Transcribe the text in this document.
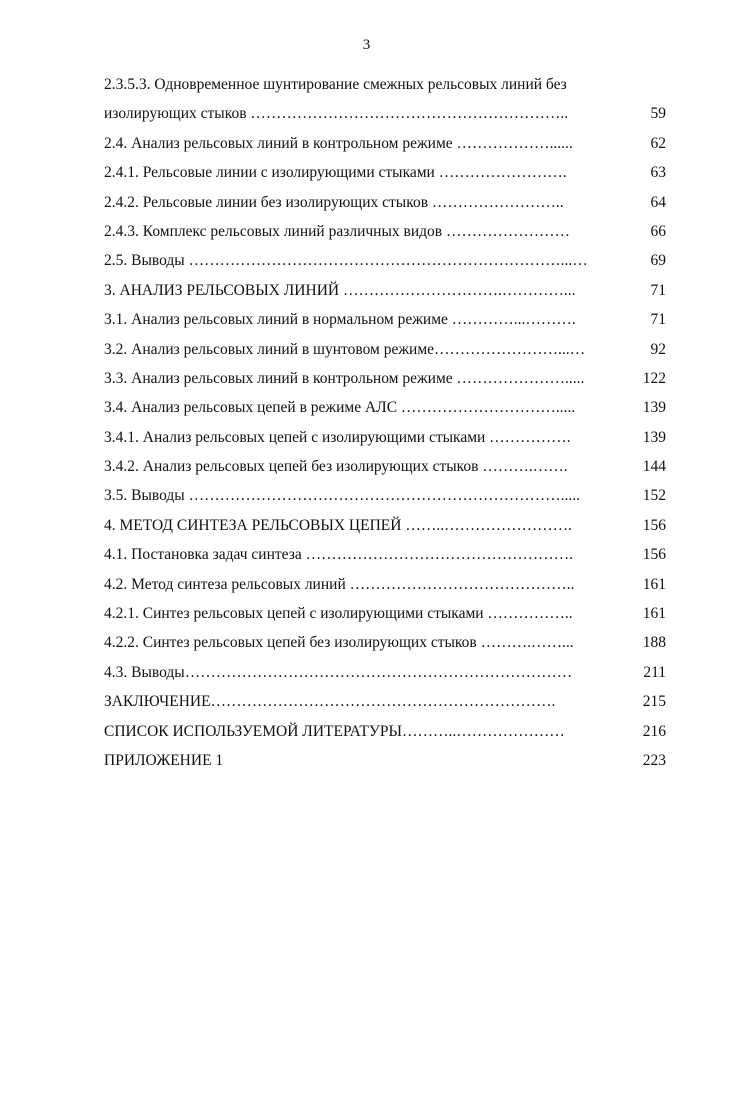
3
2.3.5.3. Одновременное шунтирование смежных рельсовых линий без
изолирующих стыков ……………………………………………………..	59
2.4. Анализ рельсовых линий в контрольном режиме ………………......	62
2.4.1. Рельсовые линии с изолирующими стыками …………………….	63
2.4.2. Рельсовые линии без изолирующих стыков ……………………..	64
2.4.3. Комплекс рельсовых линий различных видов ……………………	66
2.5. Выводы ………………………………………………………………...…	69
3. АНАЛИЗ РЕЛЬСОВЫХ ЛИНИЙ ………………………….…………...	71
3.1. Анализ рельсовых линий в нормальном режиме …………...……….	71
3.2. Анализ рельсовых линий в шунтовом режиме……………………...…	92
3.3. Анализ рельсовых линий в контрольном режиме ………………….....	122
3.4. Анализ рельсовых цепей в режиме АЛС ………………………….....	139
3.4.1. Анализ рельсовых цепей с изолирующими стыками …………….	139
3.4.2. Анализ рельсовых цепей без изолирующих стыков ……….…….	144
3.5. Выводы ……………………………………………………………….....	152
4. МЕТОД СИНТЕЗА РЕЛЬСОВЫХ ЦЕПЕЙ ……..…………………….	156
4.1. Постановка задач синтеза …………………………………………….	156
4.2. Метод синтеза рельсовых линий ……………………………………..	161
4.2.1. Синтез рельсовых цепей с изолирующими стыками ……………..	161
4.2.2. Синтез рельсовых цепей без изолирующих стыков ……….……...	188
4.3. Выводы…………………………………………………………………	211
ЗАКЛЮЧЕНИЕ………………………………………………………….	215
СПИСОК ИСПОЛЬЗУЕМОЙ ЛИТЕРАТУРЫ………..…………………	216
ПРИЛОЖЕНИЕ 1	223
